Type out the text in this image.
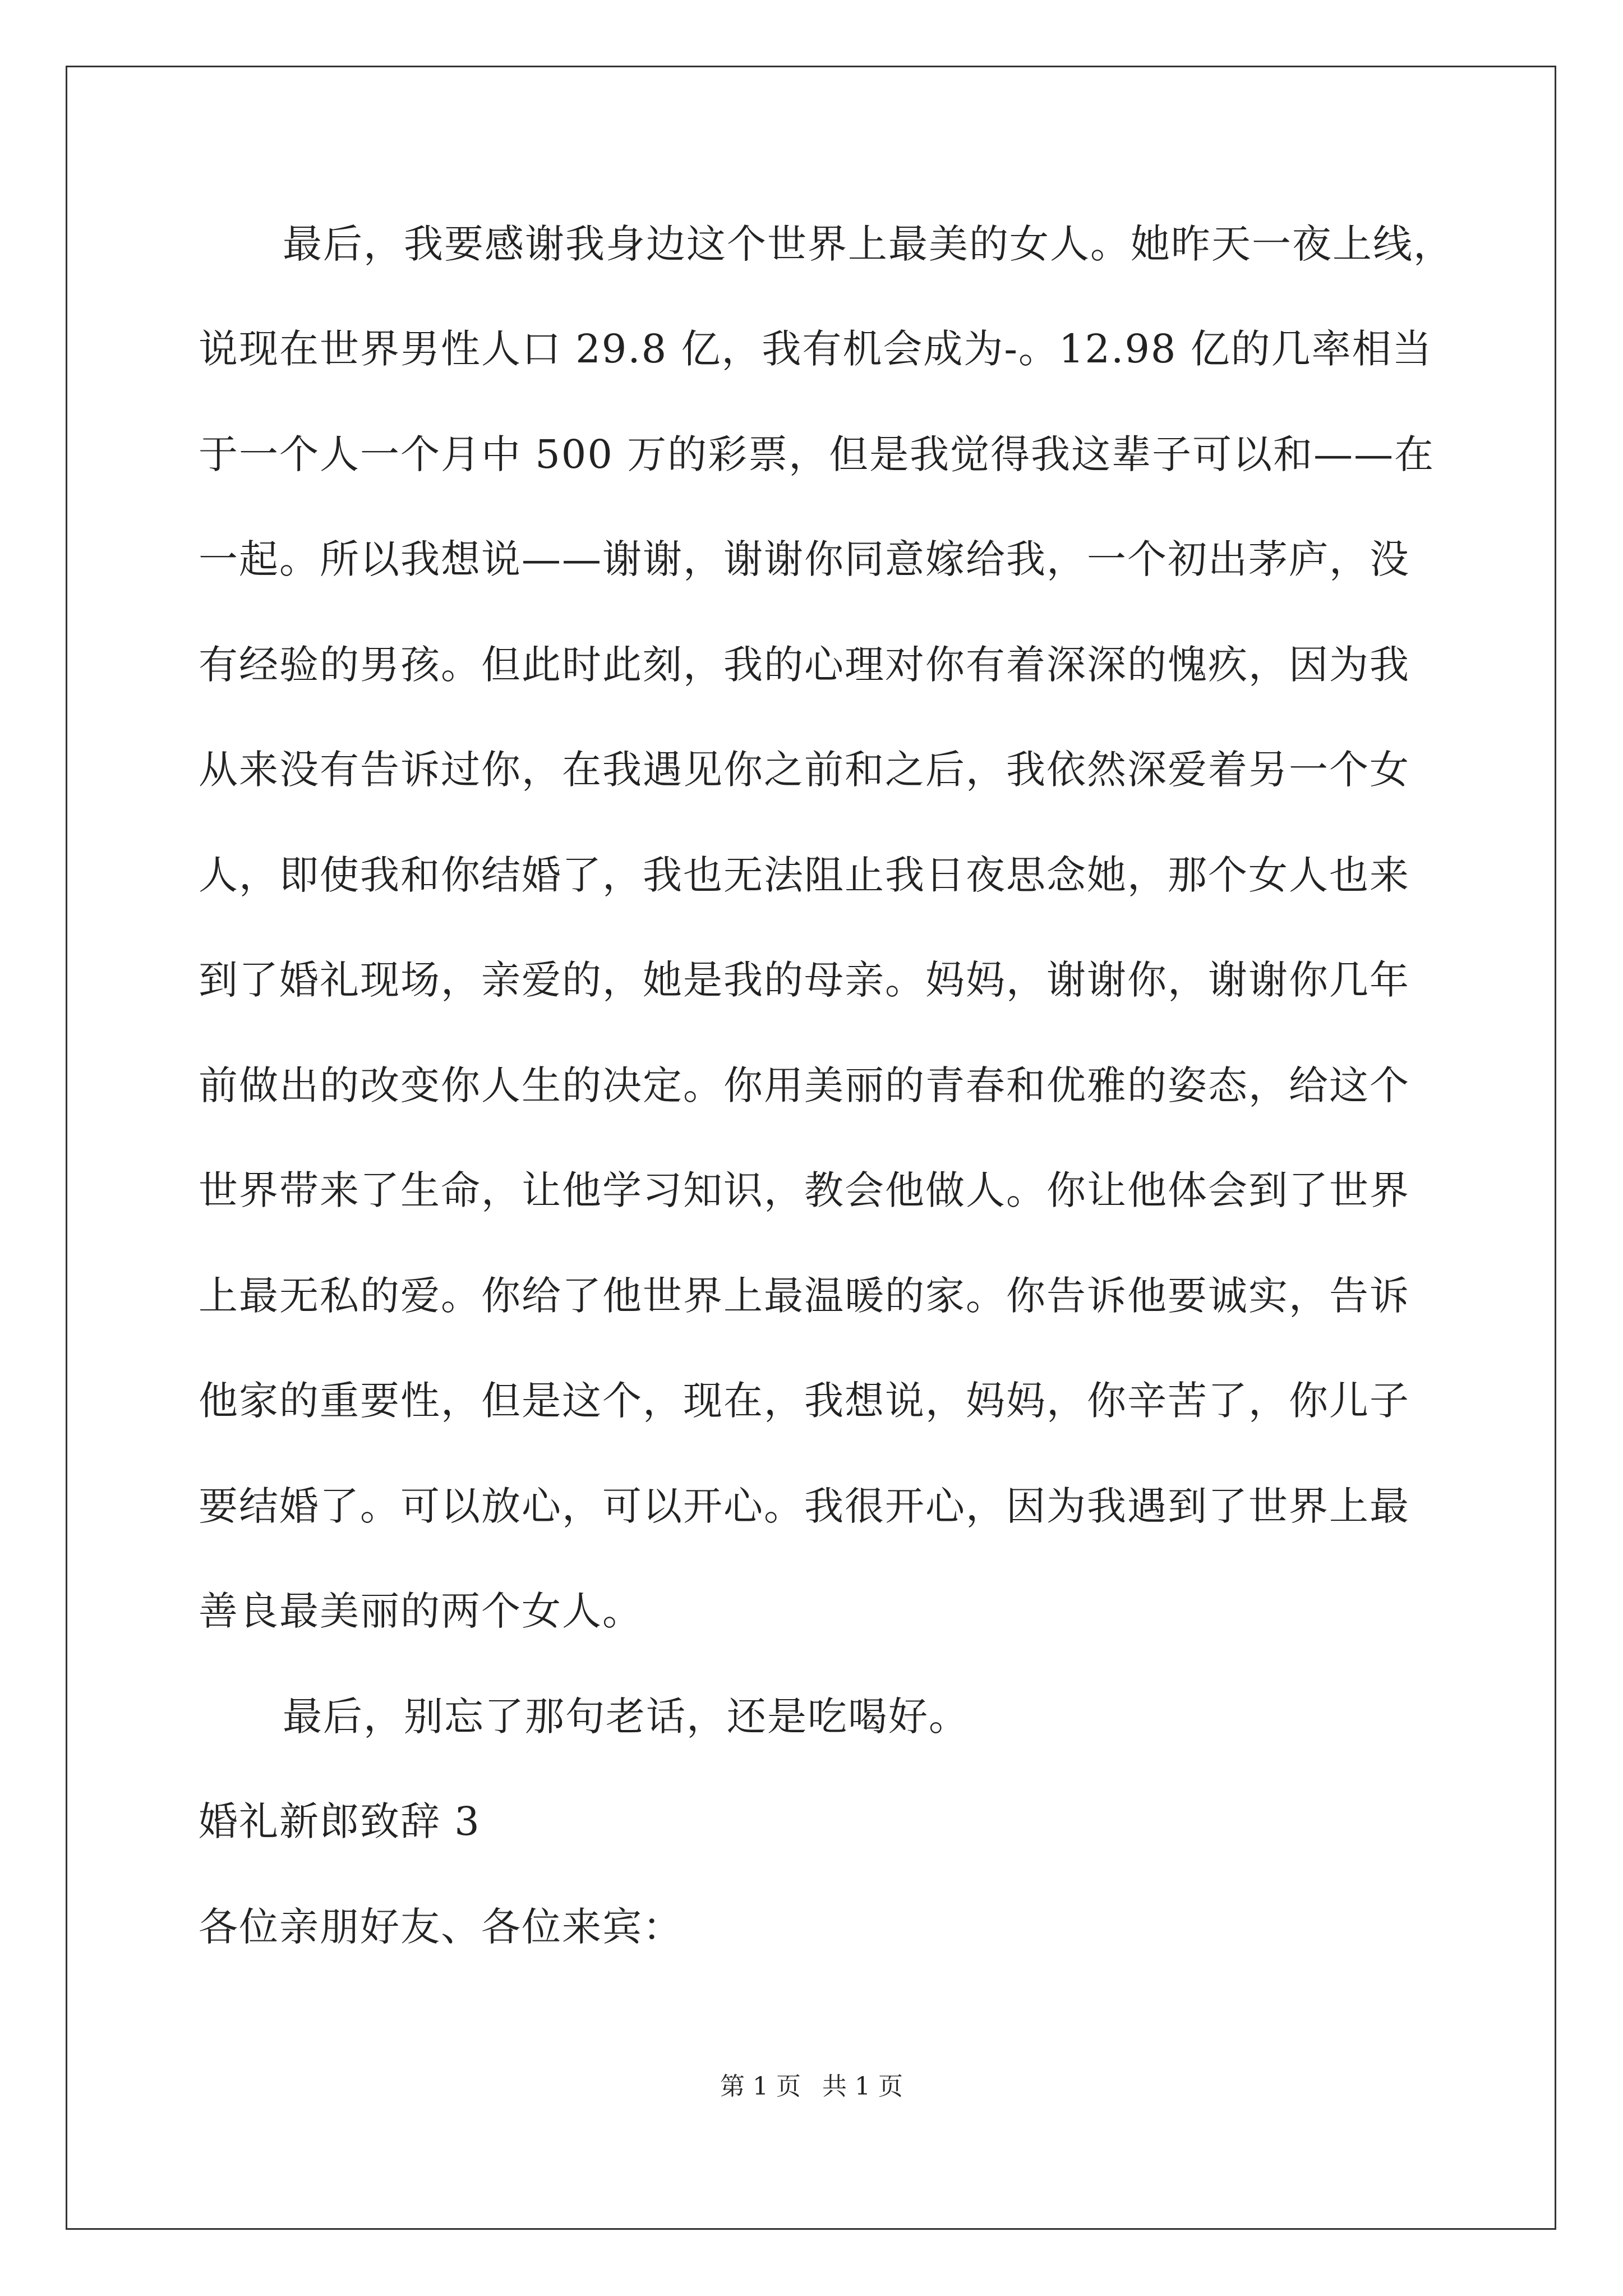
最后，我要感谢我身边这个世界上最美的女人。她昨天一夜上线，
说现在世界男性人口 29.8 亿，我有机会成为-。12.98 亿的几率相当
于一个人一个月中 500 万的彩票，但是我觉得我这辈子可以和——在
一起。所以我想说——谢谢，谢谢你同意嫁给我，一个初出茅庐，没
有经验的男孩。但此时此刻，我的心理对你有着深深的愧疚，因为我
从来没有告诉过你，在我遇见你之前和之后，我依然深爱着另一个女
人，即使我和你结婚了，我也无法阻止我日夜思念她，那个女人也来
到了婚礼现场，亲爱的，她是我的母亲。妈妈，谢谢你，谢谢你几年
前做出的改变你人生的决定。你用美丽的青春和优雅的姿态，给这个
世界带来了生命，让他学习知识，教会他做人。你让他体会到了世界
上最无私的爱。你给了他世界上最温暖的家。你告诉他要诚实，告诉
他家的重要性，但是这个，现在，我想说，妈妈，你辛苦了，你儿子
要结婚了。可以放心，可以开心。我很开心，因为我遇到了世界上最
善良最美丽的两个女人。
最后，别忘了那句老话，还是吃喝好。
婚礼新郎致辞 3
各位亲朋好友、各位来宾：
第 1 页 共 1 页
